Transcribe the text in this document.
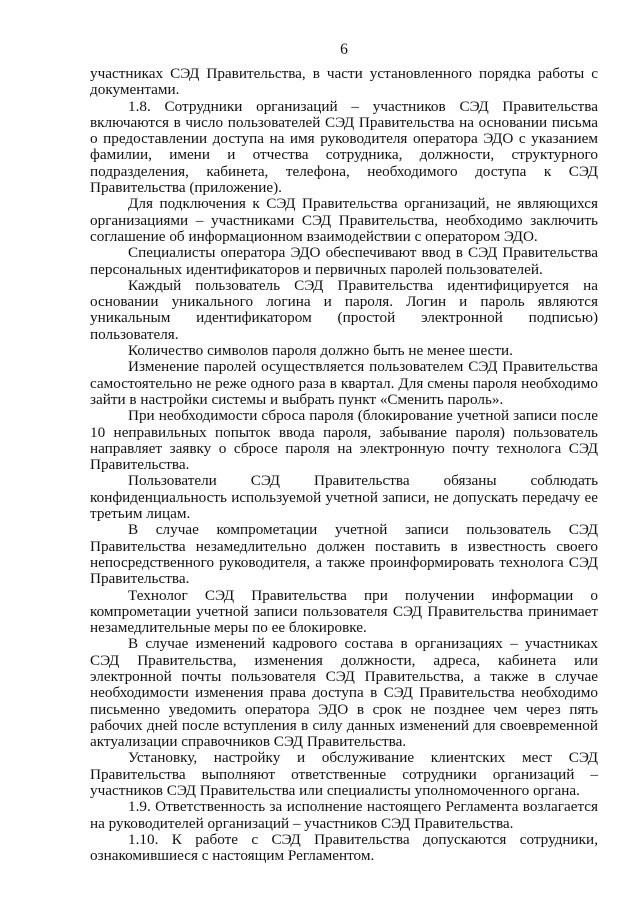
6

участниках СЭД Правительства, в части установленного порядка работы с документами.

1.8. Сотрудники организаций – участников СЭД Правительства включаются в число пользователей СЭД Правительства на основании письма о предоставлении доступа на имя руководителя оператора ЭДО с указанием фамилии, имени и отчества сотрудника, должности, структурного подразделения, кабинета, телефона, необходимого доступа к СЭД Правительства (приложение).

Для подключения к СЭД Правительства организаций, не являющихся организациями – участниками СЭД Правительства, необходимо заключить соглашение об информационном взаимодействии с оператором ЭДО.

Специалисты оператора ЭДО обеспечивают ввод в СЭД Правительства персональных идентификаторов и первичных паролей пользователей.

Каждый пользователь СЭД Правительства идентифицируется на основании уникального логина и пароля. Логин и пароль являются уникальным идентификатором (простой электронной подписью) пользователя.

Количество символов пароля должно быть не менее шести.

Изменение паролей осуществляется пользователем СЭД Правительства самостоятельно не реже одного раза в квартал. Для смены пароля необходимо зайти в настройки системы и выбрать пункт «Сменить пароль».

При необходимости сброса пароля (блокирование учетной записи после 10 неправильных попыток ввода пароля, забывание пароля) пользователь направляет заявку о сбросе пароля на электронную почту технолога СЭД Правительства.

Пользователи СЭД Правительства обязаны соблюдать конфиденциальность используемой учетной записи, не допускать передачу ее третьим лицам.

В случае компрометации учетной записи пользователь СЭД Правительства незамедлительно должен поставить в известность своего непосредственного руководителя, а также проинформировать технолога СЭД Правительства.

Технолог СЭД Правительства при получении информации о компрометации учетной записи пользователя СЭД Правительства принимает незамедлительные меры по ее блокировке.

В случае изменений кадрового состава в организациях – участниках СЭД Правительства, изменения должности, адреса, кабинета или электронной почты пользователя СЭД Правительства, а также в случае необходимости изменения права доступа в СЭД Правительства необходимо письменно уведомить оператора ЭДО в срок не позднее чем через пять рабочих дней после вступления в силу данных изменений для своевременной актуализации справочников СЭД Правительства.

Установку, настройку и обслуживание клиентских мест СЭД Правительства выполняют ответственные сотрудники организаций – участников СЭД Правительства или специалисты уполномоченного органа.

1.9. Ответственность за исполнение настоящего Регламента возлагается на руководителей организаций – участников СЭД Правительства.

1.10. К работе с СЭД Правительства допускаются сотрудники, ознакомившиеся с настоящим Регламентом.
